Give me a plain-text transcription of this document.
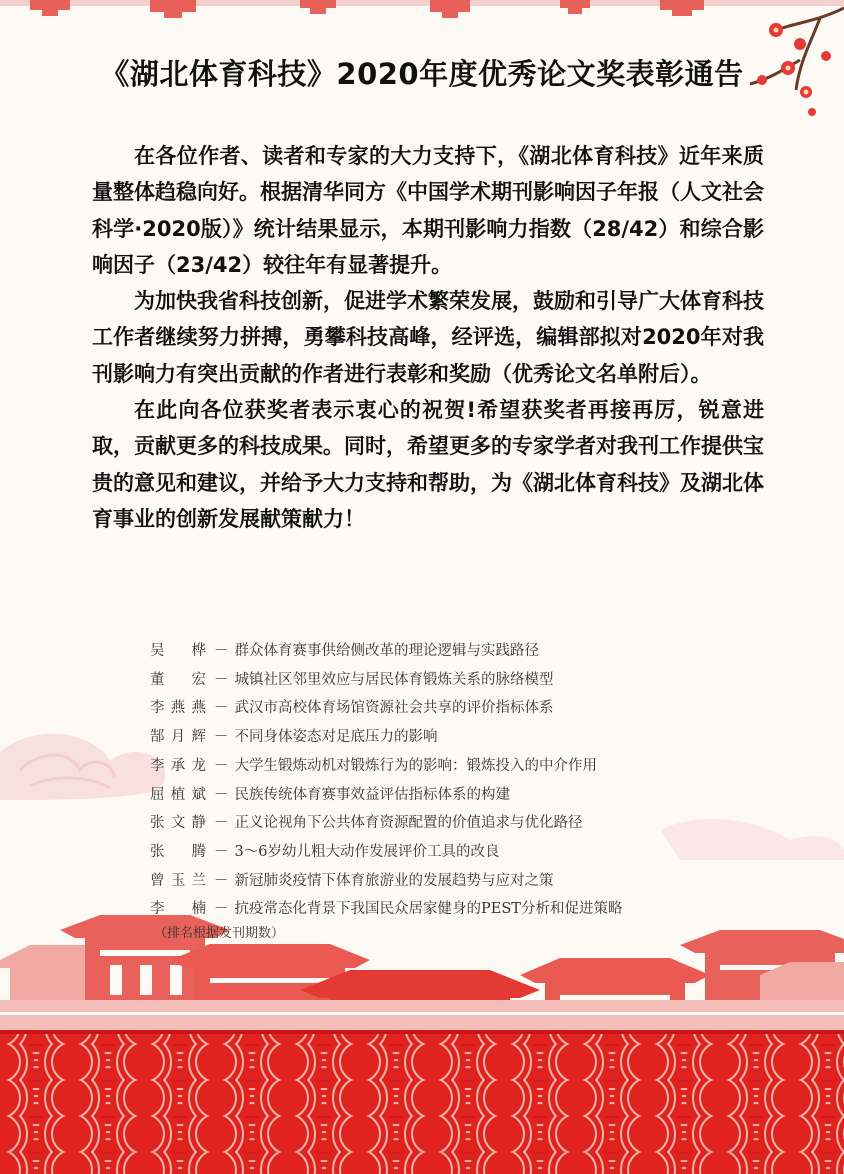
《湖北体育科技》2020年度优秀论文奖表彰通告

在各位作者、读者和专家的大力支持下，《湖北体育科技》近年来质量整体趋稳向好。根据清华同方《中国学术期刊影响因子年报（人文社会科学·2020版）》统计结果显示，本期刊影响力指数（28/42）和综合影响因子（23/42）较往年有显著提升。

为加快我省科技创新，促进学术繁荣发展，鼓励和引导广大体育科技工作者继续努力拼搏，勇攀科技高峰，经评选，编辑部拟对2020年对我刊影响力有突出贡献的作者进行表彰和奖励（优秀论文名单附后）。

在此向各位获奖者表示衷心的祝贺!希望获奖者再接再厉，锐意进取，贡献更多的科技成果。同时，希望更多的专家学者对我刊工作提供宝贵的意见和建议，并给予大力支持和帮助，为《湖北体育科技》及湖北体育事业的创新发展献策献力！

吴桦 － 群众体育赛事供给侧改革的理论逻辑与实践路径
董宏 － 城镇社区邻里效应与居民体育锻炼关系的脉络模型
李燕燕 － 武汉市高校体育场馆资源社会共享的评价指标体系
郜月辉 － 不同身体姿态对足底压力的影响
李承龙 － 大学生锻炼动机对锻炼行为的影响：锻炼投入的中介作用
屈植斌 － 民族传统体育赛事效益评估指标体系的构建
张文静 － 正义论视角下公共体育资源配置的价值追求与优化路径
张腾 － 3～6岁幼儿粗大动作发展评价工具的改良
曾玉兰 － 新冠肺炎疫情下体育旅游业的发展趋势与应对之策
李楠 － 抗疫常态化背景下我国民众居家健身的PEST分析和促进策略
（排名根据发刊期数）
